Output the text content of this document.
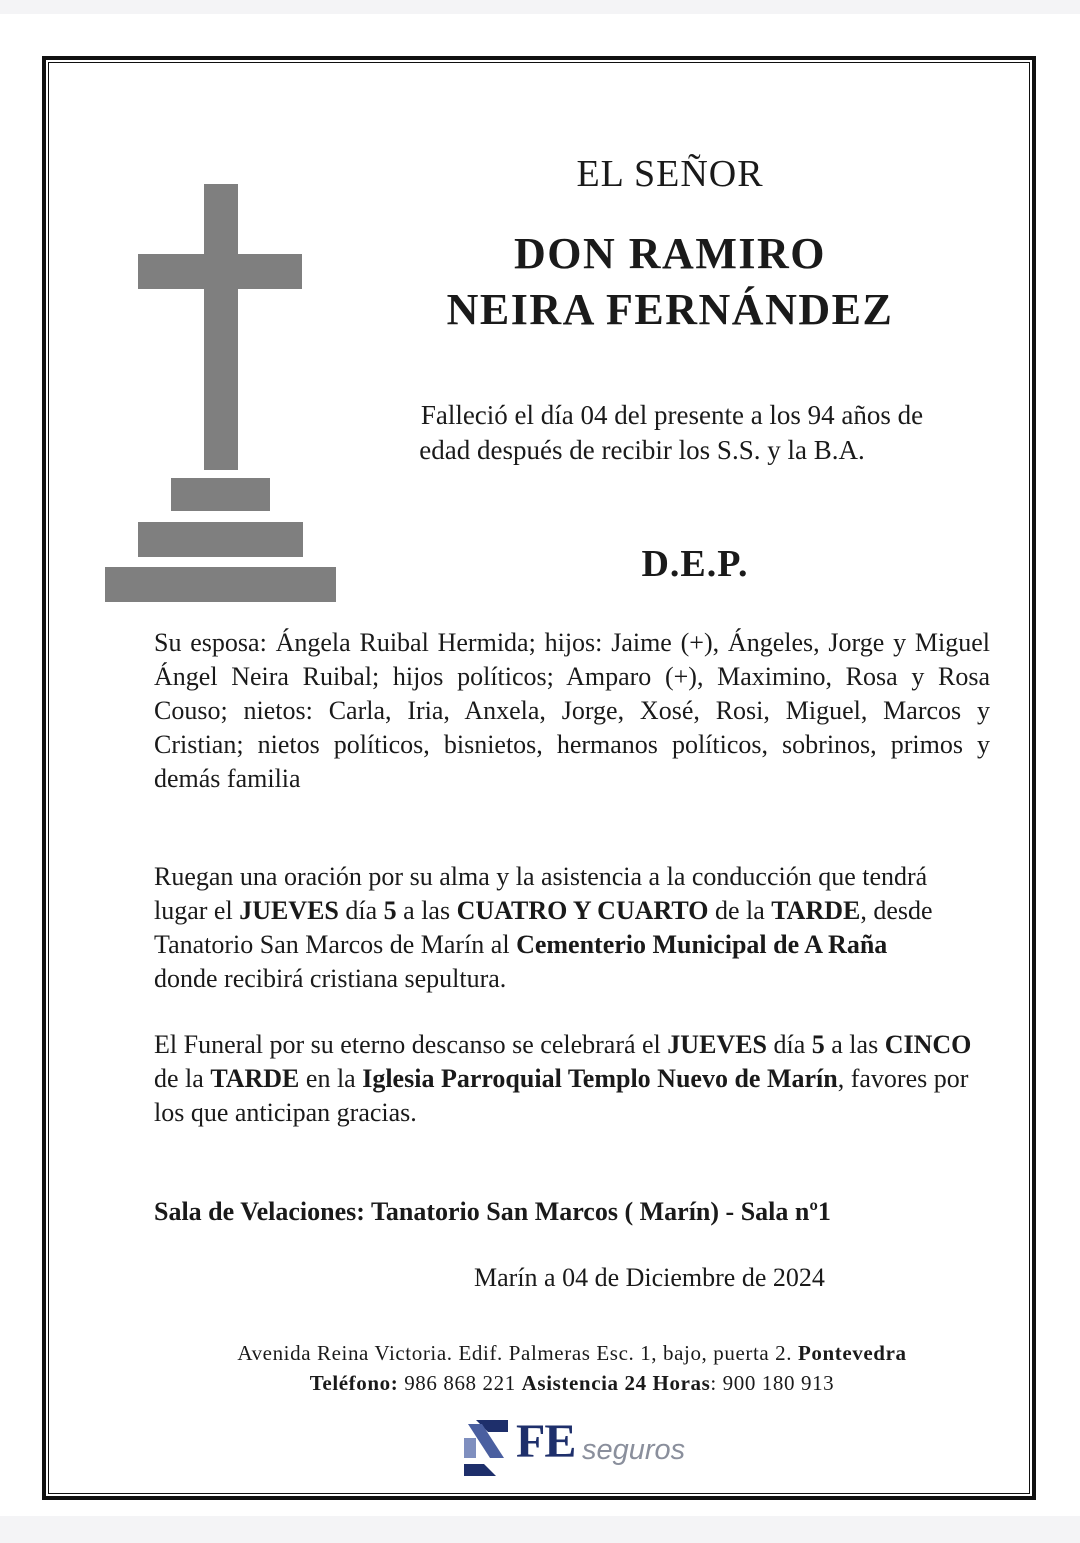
EL SEÑOR

DON RAMIRO

NEIRA FERNÁNDEZ

Falleció el día 04 del presente a los 94 años de

edad después de recibir los S.S. y la B.A.

D.E.P.

Su esposa: Ángela Ruibal Hermida; hijos: Jaime (+), Ángeles, Jorge y Miguel Ángel Neira Ruibal; hijos políticos; Amparo (+), Maximino, Rosa y Rosa Couso; nietos: Carla, Iria, Anxela, Jorge, Xosé, Rosi, Miguel, Marcos y Cristian; nietos políticos, bisnietos, hermanos políticos, sobrinos, primos y demás familia

Ruegan una oración por su alma y la asistencia a la conducción que tendrá lugar el JUEVES día 5 a las CUATRO Y CUARTO de la TARDE, desde Tanatorio San Marcos de Marín al Cementerio Municipal de A Raña donde recibirá cristiana sepultura.

El Funeral por su eterno descanso se celebrará el JUEVES día 5 a las CINCO de la TARDE en la Iglesia Parroquial Templo Nuevo de Marín, favores por los que anticipan gracias.

Sala de Velaciones: Tanatorio San Marcos ( Marín) - Sala nº1

Marín a 04 de Diciembre de 2024

Avenida Reina Victoria. Edif. Palmeras Esc. 1, bajo, puerta 2. Pontevedra

Teléfono: 986 868 221 Asistencia 24 Horas: 900 180 913

FE seguros
